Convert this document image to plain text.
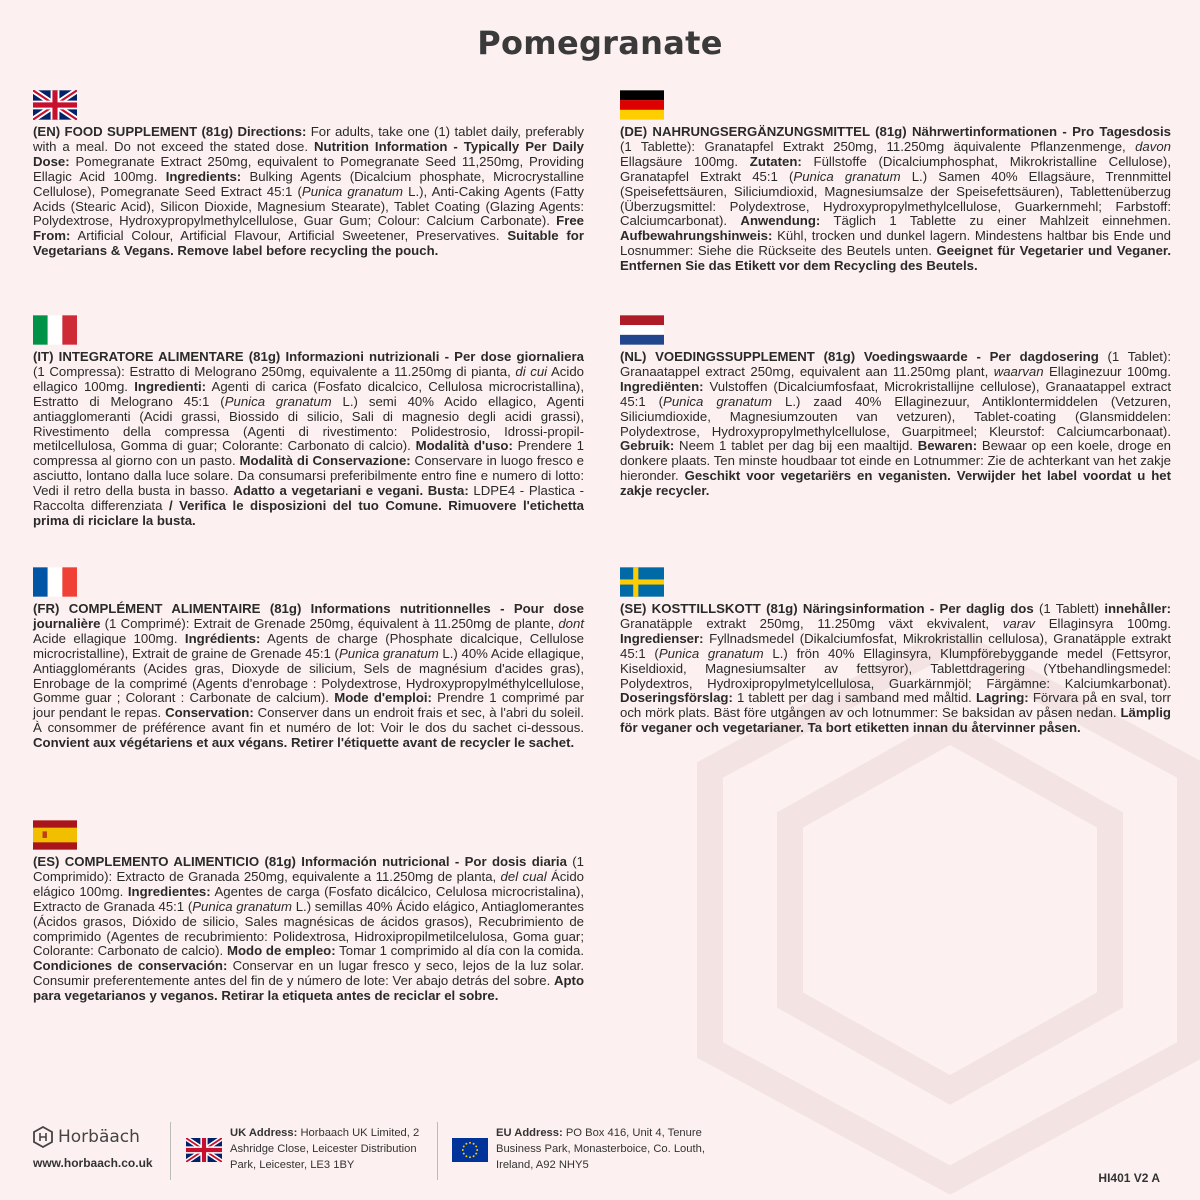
Pomegranate
(EN) FOOD SUPPLEMENT (81g) Directions: For adults, take one (1) tablet daily, preferably with a meal. Do not exceed the stated dose. Nutrition Information - Typically Per Daily Dose: Pomegranate Extract 250mg, equivalent to Pomegranate Seed 11,250mg, Providing Ellagic Acid 100mg. Ingredients: Bulking Agents (Dicalcium phosphate, Microcrystalline Cellulose), Pomegranate Seed Extract 45:1 (Punica granatum L.), Anti-Caking Agents (Fatty Acids (Stearic Acid), Silicon Dioxide, Magnesium Stearate), Tablet Coating (Glazing Agents: Polydextrose, Hydroxypropylmethylcellulose, Guar Gum; Colour: Calcium Carbonate). Free From: Artificial Colour, Artificial Flavour, Artificial Sweetener, Preservatives. Suitable for Vegetarians & Vegans. Remove label before recycling the pouch.
(DE) NAHRUNGSERGÄNZUNGSMITTEL (81g) Nährwertinformationen - Pro Tagesdosis (1 Tablette): Granatapfel Extrakt 250mg, 11.250mg äquivalente Pflanzenmenge, davon Ellagsäure 100mg. Zutaten: Füllstoffe (Dicalciumphosphat, Mikrokristalline Cellulose), Granatapfel Extrakt 45:1 (Punica granatum L.) Samen 40% Ellagsäure, Trennmittel (Speisefettsäuren, Siliciumdioxid, Magnesiumsalze der Speisefettsäuren), Tablettenüberzug (Überzugsmittel: Polydextrose, Hydroxypropylmethylcellulose, Guarkernmehl; Farbstoff: Calciumcarbonat). Anwendung: Täglich 1 Tablette zu einer Mahlzeit einnehmen. Aufbewahrungshinweis: Kühl, trocken und dunkel lagern. Mindestens haltbar bis Ende und Losnummer: Siehe die Rückseite des Beutels unten. Geeignet für Vegetarier und Veganer. Entfernen Sie das Etikett vor dem Recycling des Beutels.
(IT) INTEGRATORE ALIMENTARE (81g) Informazioni nutrizionali - Per dose giornaliera (1 Compressa): Estratto di Melograno 250mg, equivalente a 11.250mg di pianta, di cui Acido ellagico 100mg. Ingredienti: Agenti di carica (Fosfato dicalcico, Cellulosa microcristallina), Estratto di Melograno 45:1 (Punica granatum L.) semi 40% Acido ellagico, Agenti antiagglomeranti (Acidi grassi, Biossido di silicio, Sali di magnesio degli acidi grassi), Rivestimento della compressa (Agenti di rivestimento: Polidestrosio, Idrossi-propil-metilcellulosa, Gomma di guar; Colorante: Carbonato di calcio). Modalità d'uso: Prendere 1 compressa al giorno con un pasto. Modalità di Conservazione: Conservare in luogo fresco e asciutto, lontano dalla luce solare. Da consumarsi preferibilmente entro fine e numero di lotto: Vedi il retro della busta in basso. Adatto a vegetariani e vegani. Busta: LDPE4 - Plastica - Raccolta differenziata / Verifica le disposizioni del tuo Comune. Rimuovere l'etichetta prima di riciclare la busta.
(NL) VOEDINGSSUPPLEMENT (81g) Voedingswaarde - Per dagdosering (1 Tablet): Granaatappel extract 250mg, equivalent aan 11.250mg plant, waarvan Ellaginezuur 100mg. Ingrediënten: Vulstoffen (Dicalciumfosfaat, Microkristallijne cellulose), Granaatappel extract 45:1 (Punica granatum L.) zaad 40% Ellaginezuur, Antiklontermiddelen (Vetzuren, Siliciumdioxide, Magnesiumzouten van vetzuren), Tablet-coating (Glansmiddelen: Polydextrose, Hydroxypropylmethylcellulose, Guarpitmeel; Kleurstof: Calciumcarbonaat). Gebruik: Neem 1 tablet per dag bij een maaltijd. Bewaren: Bewaar op een koele, droge en donkere plaats. Ten minste houdbaar tot einde en Lotnummer: Zie de achterkant van het zakje hieronder. Geschikt voor vegetariërs en veganisten. Verwijder het label voordat u het zakje recycler.
(FR) COMPLÉMENT ALIMENTAIRE (81g) Informations nutritionnelles - Pour dose journalière (1 Comprimé): Extrait de Grenade 250mg, équivalent à 11.250mg de plante, dont Acide ellagique 100mg. Ingrédients: Agents de charge (Phosphate dicalcique, Cellulose microcristalline), Extrait de graine de Grenade 45:1 (Punica granatum L.) 40% Acide ellagique, Antiagglomérants (Acides gras, Dioxyde de silicium, Sels de magnésium d'acides gras), Enrobage de la comprimé (Agents d'enrobage : Polydextrose, Hydroxypropylméthylcellulose, Gomme guar ; Colorant : Carbonate de calcium). Mode d'emploi: Prendre 1 comprimé par jour pendant le repas. Conservation: Conserver dans un endroit frais et sec, à l'abri du soleil. À consommer de préférence avant fin et numéro de lot: Voir le dos du sachet ci-dessous. Convient aux végétariens et aux végans. Retirer l'étiquette avant de recycler le sachet.
(SE) KOSTTILLSKOTT (81g) Näringsinformation - Per daglig dos (1 Tablett) innehåller: Granatäpple extrakt 250mg, 11.250mg växt ekvivalent, varav Ellaginsyra 100mg. Ingredienser: Fyllnadsmedel (Dikalciumfosfat, Mikrokristallin cellulosa), Granatäpple extrakt 45:1 (Punica granatum L.) frön 40% Ellaginsyra, Klumpförebyggande medel (Fettsyror, Kiseldioxid, Magnesiumsalter av fettsyror), Tablettdragering (Ytbehandlingsmedel: Polydextros, Hydroxipropylmetylcellulosa, Guarkärnmjöl; Färgämne: Kalciumkarbonat). Doseringsförslag: 1 tablett per dag i samband med måltid. Lagring: Förvara på en sval, torr och mörk plats. Bäst före utgången av och lotnummer: Se baksidan av påsen nedan. Lämplig för veganer och vegetarianer. Ta bort etiketten innan du återvinner påsen.
(ES) COMPLEMENTO ALIMENTICIO (81g) Información nutricional - Por dosis diaria (1 Comprimido): Extracto de Granada 250mg, equivalente a 11.250mg de planta, del cual Ácido elágico 100mg. Ingredientes: Agentes de carga (Fosfato dicálcico, Celulosa microcristalina), Extracto de Granada 45:1 (Punica granatum L.) semillas 40% Ácido elágico, Antiaglomerantes (Ácidos grasos, Dióxido de silicio, Sales magnésicas de ácidos grasos), Recubrimiento de comprimido (Agentes de recubrimiento: Polidextrosa, Hidroxipropilmetilcelulosa, Goma guar; Colorante: Carbonato de calcio). Modo de empleo: Tomar 1 comprimido al día con la comida. Condiciones de conservación: Conservar en un lugar fresco y seco, lejos de la luz solar. Consumir preferentemente antes del fin de y número de lote: Ver abajo detrás del sobre. Apto para vegetarianos y veganos. Retirar la etiqueta antes de reciclar el sobre.
Horbäach
www.horbaach.co.uk
UK Address: Horbaach UK Limited, 2 Ashridge Close, Leicester Distribution Park, Leicester, LE3 1BY
EU Address: PO Box 416, Unit 4, Tenure Business Park, Monasterboice, Co. Louth, Ireland, A92 NHY5
HI401 V2 A
